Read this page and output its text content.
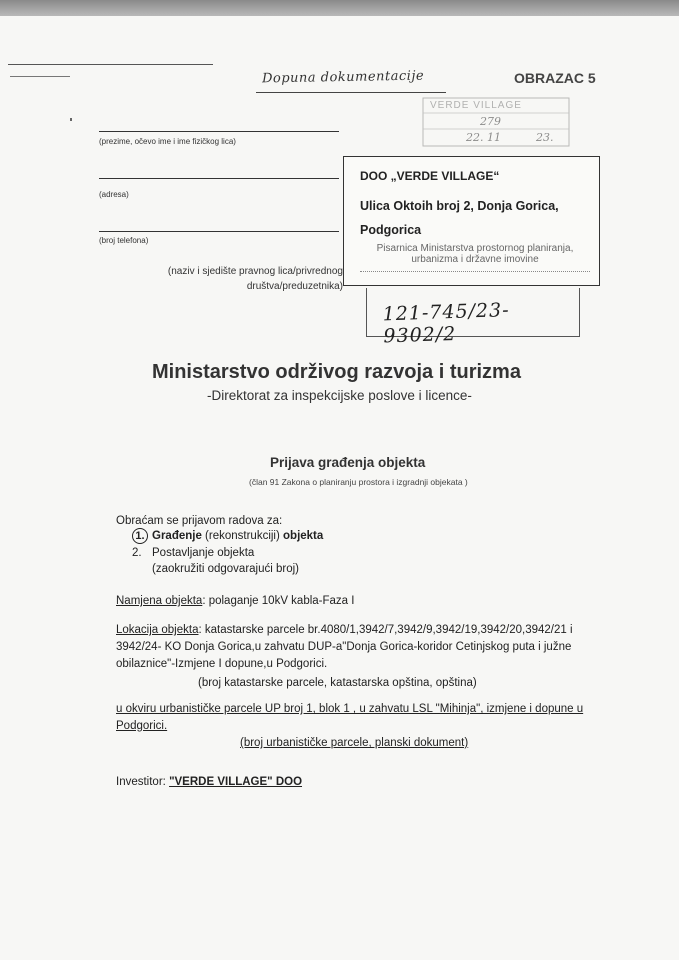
Dopuna dokumentacije	OBRAZAC 5
(prezime, očevo ime i ime fizičkog lica)
(adresa)
(broj telefona)
(naziv i sjedište pravnog lica/privrednog
društva/preduzetnika)
VERDE VILLAGE
279
22. 11	23.
DOO „VERDE VILLAGE“
Ulica Oktoih broj 2, Donja Gorica,
Podgorica
Pisarnica Ministarstva prostornog planiranja,
urbanizma i državne imovine
121-745/23-9302/2
Ministarstvo održivog razvoja i turizma
-Direktorat za inspekcijske poslove i licence-
Prijava građenja objekta
(član 91 Zakona o planiranju prostora i izgradnji objekata )
Obraćam se prijavom radova za:
1. Građenje (rekonstrukciji) objekta
2. Postavljanje objekta
(zaokružiti odgovarajući broj)
Namjena objekta: polaganje 10kV kabla-Faza I
Lokacija objekta: katastarske parcele br.4080/1,3942/7,3942/9,3942/19,3942/20,3942/21 i
3942/24- KO Donja Gorica,u zahvatu DUP-a"Donja Gorica-koridor Cetinjskog puta i južne
obilaznice"-Izmjene I dopune,u Podgorici.
(broj katastarske parcele, katastarska opština, opština)
u okviru urbanističke parcele UP broj 1, blok 1 , u zahvatu LSL "Mihinja", izmjene i dopune u
Podgorici.
(broj urbanističke parcele, planski dokument)
Investitor: "VERDE VILLAGE" DOO
